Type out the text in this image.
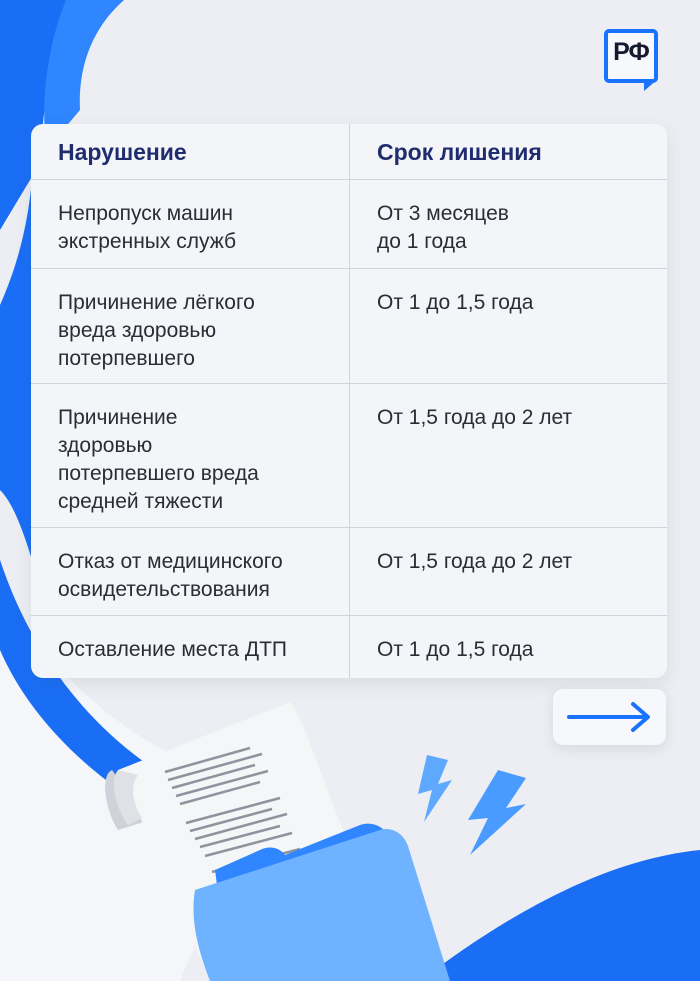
РФ
Нарушение	Срок лишения

Непропуск машин
экстренных служб	От 3 месяцев
до 1 года

Причинение лёгкого
вреда здоровью
потерпевшего	От 1 до 1,5 года

Причинение
здоровью
потерпевшего вреда
средней тяжести	От 1,5 года до 2 лет

Отказ от медицинского
освидетельствования	От 1,5 года до 2 лет

Оставление места ДТП	От 1 до 1,5 года
